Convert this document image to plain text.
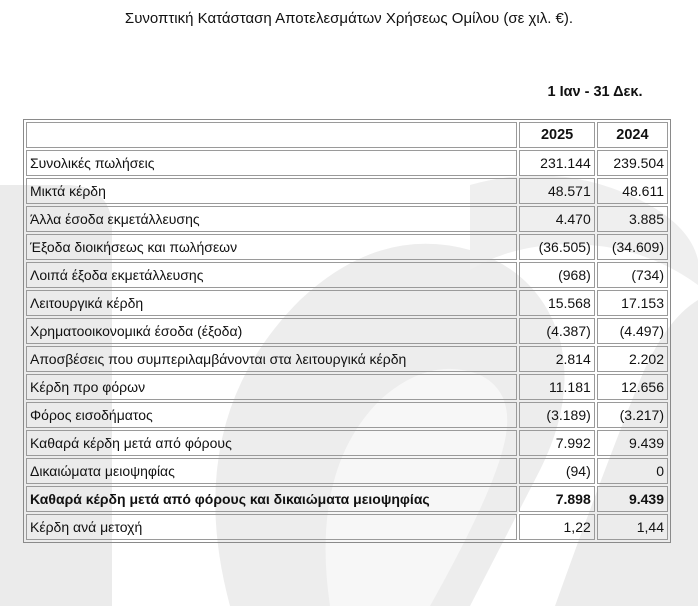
Συνοπτική Κατάσταση Αποτελεσμάτων Χρήσεως Ομίλου (σε χιλ. €).
1 Ιαν - 31 Δεκ.
	2025	2024
Συνολικές πωλήσεις	231.144	239.504
Μικτά κέρδη	48.571	48.611
Άλλα έσοδα εκμετάλλευσης	4.470	3.885
Έξοδα διοικήσεως και πωλήσεων	(36.505)	(34.609)
Λοιπά έξοδα εκμετάλλευσης	(968)	(734)
Λειτουργικά κέρδη	15.568	17.153
Χρηματοοικονομικά έσοδα (έξοδα)	(4.387)	(4.497)
Αποσβέσεις που συμπεριλαμβάνονται στα λειτουργικά κέρδη	2.814	2.202
Κέρδη προ φόρων	11.181	12.656
Φόρος εισοδήματος	(3.189)	(3.217)
Καθαρά κέρδη μετά από φόρους	7.992	9.439
Δικαιώματα μειοψηφίας	(94)	0
Καθαρά κέρδη μετά από φόρους και δικαιώματα μειοψηφίας	7.898	9.439
Κέρδη ανά μετοχή	1,22	1,44
